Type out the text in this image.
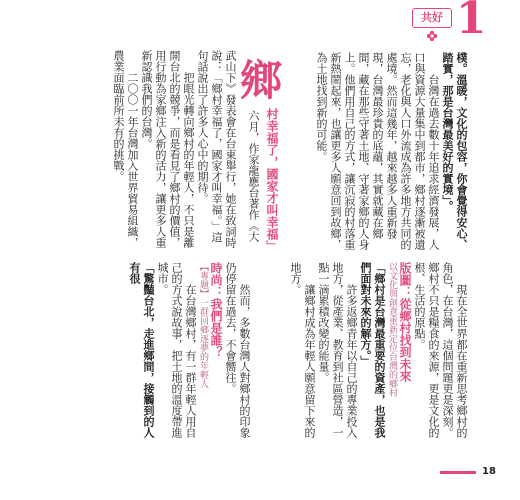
共好 1

樸。溫暖，文化的包容，你會覺得安心、踏實，那是台灣最美好的實境」。

台灣在過去數十年追求經濟發展，人口與資源大量集中到都市，鄉村逐漸被遺忘，老化與人口外流成為許多地方共同的處境。然而這幾年，越來越多人重新發現，台灣最珍貴的底蘊，其實就藏在鄉間，藏在那些守著土地、守著家鄉的人身上。他們用自己的方式，讓沉寂的村落重新熱鬧起來，也讓更多人願意回到故鄉，為土地找到新的可能。

鄉
村幸福了，國家才叫幸福」

六月，作家龍應台著作《大

武山下》發表會在台東舉行，她在致詞時說：「鄉村幸福了，國家才叫幸福。」這句話說出了許多人心中的期待。

把眼光轉向鄉村的年輕人，不只是離開台北的競爭，而是看見了鄉村的價值，用行動為家鄉注入新的活力，讓更多人重新認識我們的台灣。

二〇〇一年台灣加入世界貿易組織，農業面臨前所未有的挑戰。

現在全世界都在重新思考鄉村的角色，在台灣，這個問題更是深刻。鄉村不只是糧食的來源，更是文化的根、生活的原點。

版圖：從鄉村找到未來

以文化與創意重新定位台灣的鄉村

「鄉村是台灣最重要的資產，也是我們面對未來的解方。」

許多返鄉青年以自己的專業投入地方，從產業、教育到社區營造，一點一滴累積改變的能量。

讓鄉村成為年輕人願意留下來的地方。

然而，多數台灣人對鄉村的印象仍停留在過去，不會嚮往。

時尚：我們是誰？

【專題】一群回鄉逐夢的年輕人

在台灣鄉村，有一群年輕人用自己的方式說故事，把土地的溫度帶進城市。

「驚豔台北，走進鄉間，接觸到的人有很

18
